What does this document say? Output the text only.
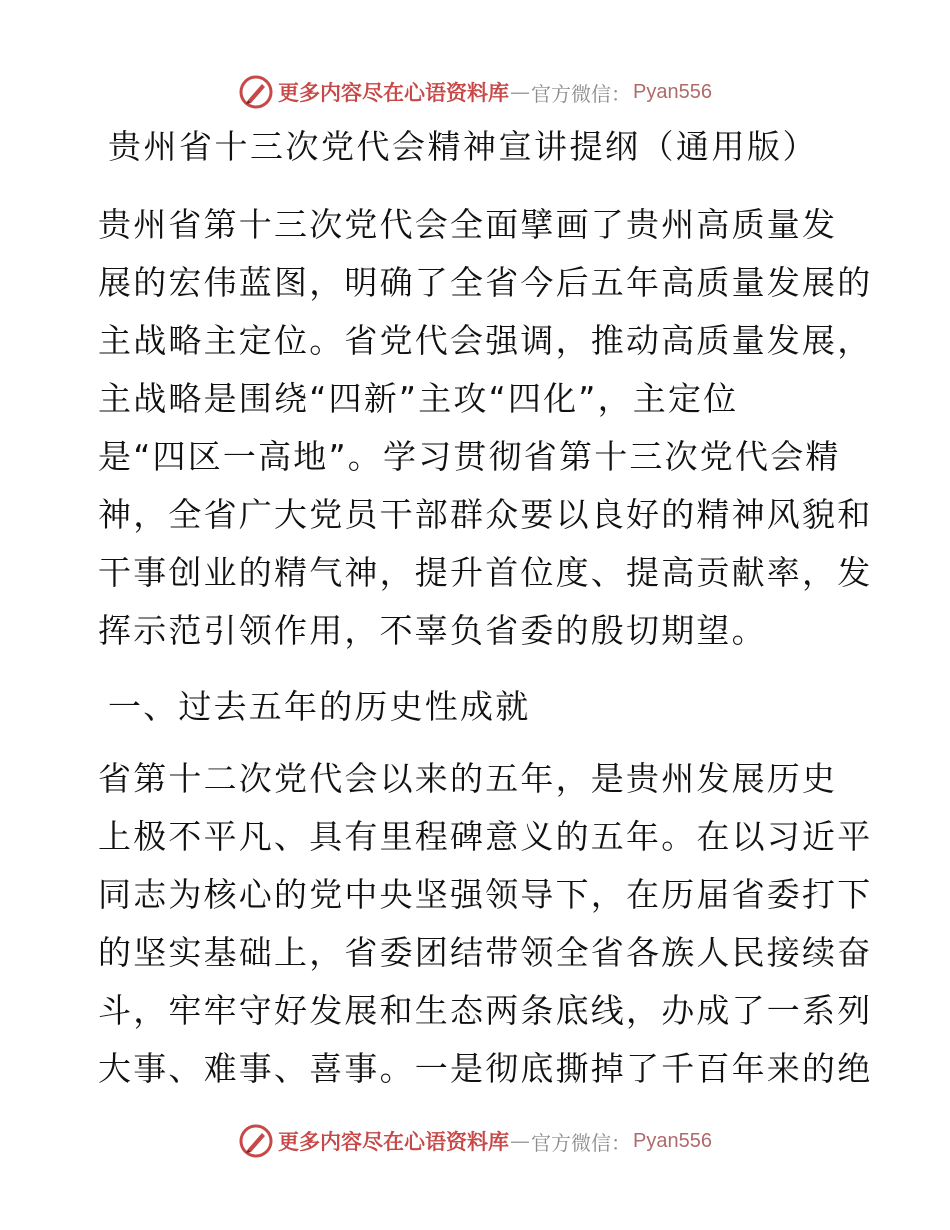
更多内容尽在心语资料库 — 官方微信： Pyan556
贵州省十三次党代会精神宣讲提纲（通用版）

贵州省第十三次党代会全面擘画了贵州高质量发
展的宏伟蓝图，明确了全省今后五年高质量发展的
主战略主定位。省党代会强调，推动高质量发展，
主战略是围绕“四新”主攻“四化”，主定位
是“四区一高地”。学习贯彻省第十三次党代会精
神，全省广大党员干部群众要以良好的精神风貌和
干事创业的精气神，提升首位度、提高贡献率，发
挥示范引领作用，不辜负省委的殷切期望。

一、过去五年的历史性成就

省第十二次党代会以来的五年，是贵州发展历史
上极不平凡、具有里程碑意义的五年。在以习近平
同志为核心的党中央坚强领导下，在历届省委打下
的坚实基础上，省委团结带领全省各族人民接续奋
斗，牢牢守好发展和生态两条底线，办成了一系列
大事、难事、喜事。一是彻底撕掉了千百年来的绝

更多内容尽在心语资料库 — 官方微信： Pyan556
